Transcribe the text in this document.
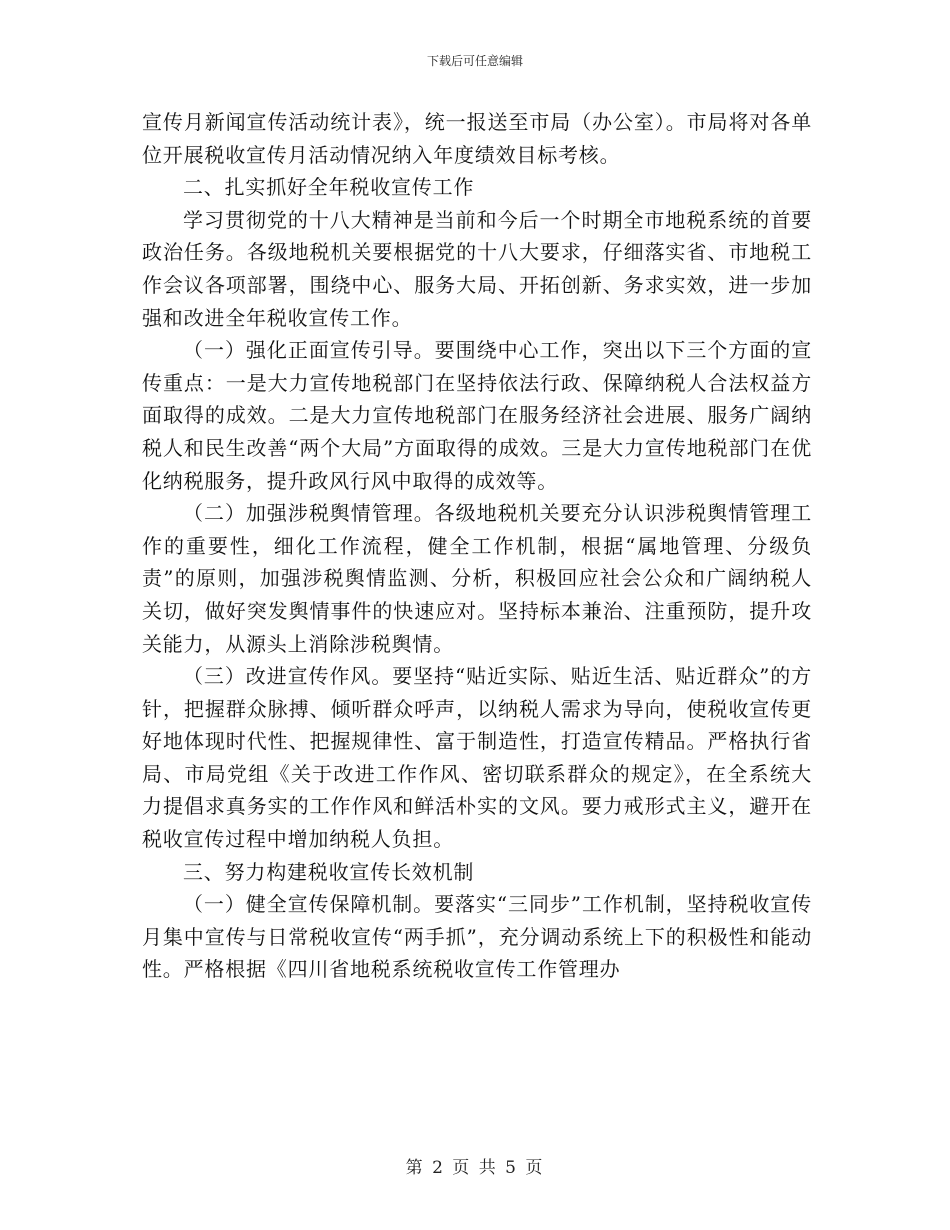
下载后可任意编辑

宣传月新闻宣传活动统计表》，统一报送至市局（办公室）。市局将对各单位开展税收宣传月活动情况纳入年度绩效目标考核。

二、扎实抓好全年税收宣传工作

学习贯彻党的十八大精神是当前和今后一个时期全市地税系统的首要政治任务。各级地税机关要根据党的十八大要求，仔细落实省、市地税工作会议各项部署，围绕中心、服务大局、开拓创新、务求实效，进一步加强和改进全年税收宣传工作。

（一）强化正面宣传引导。要围绕中心工作，突出以下三个方面的宣传重点：一是大力宣传地税部门在坚持依法行政、保障纳税人合法权益方面取得的成效。二是大力宣传地税部门在服务经济社会进展、服务广阔纳税人和民生改善“两个大局”方面取得的成效。三是大力宣传地税部门在优化纳税服务，提升政风行风中取得的成效等。

（二）加强涉税舆情管理。各级地税机关要充分认识涉税舆情管理工作的重要性，细化工作流程，健全工作机制，根据“属地管理、分级负责”的原则，加强涉税舆情监测、分析，积极回应社会公众和广阔纳税人关切，做好突发舆情事件的快速应对。坚持标本兼治、注重预防，提升攻关能力，从源头上消除涉税舆情。

（三）改进宣传作风。要坚持“贴近实际、贴近生活、贴近群众”的方针，把握群众脉搏、倾听群众呼声，以纳税人需求为导向，使税收宣传更好地体现时代性、把握规律性、富于制造性，打造宣传精品。严格执行省局、市局党组《关于改进工作作风、密切联系群众的规定》，在全系统大力提倡求真务实的工作作风和鲜活朴实的文风。要力戒形式主义，避开在税收宣传过程中增加纳税人负担。

三、努力构建税收宣传长效机制

（一）健全宣传保障机制。要落实“三同步”工作机制，坚持税收宣传月集中宣传与日常税收宣传“两手抓”，充分调动系统上下的积极性和能动性。严格根据《四川省地税系统税收宣传工作管理办

第 2 页 共 5 页
